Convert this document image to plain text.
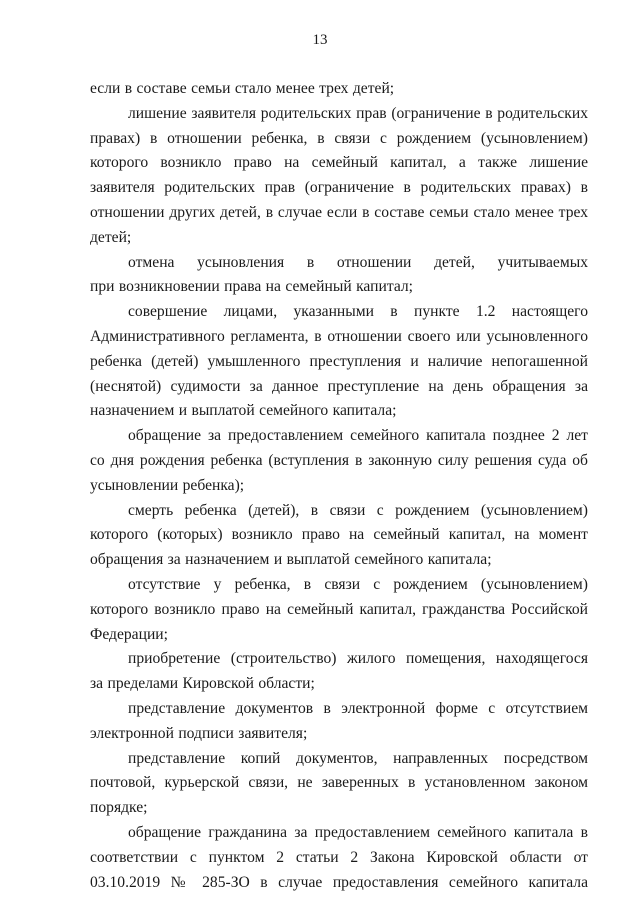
13

если в составе семьи стало менее трех детей;

лишение заявителя родительских прав (ограничение в родительских правах) в отношении ребенка, в связи с рождением (усыновлением) которого возникло право на семейный капитал, а также лишение заявителя родительских прав (ограничение в родительских правах) в отношении других детей, в случае если в составе семьи стало менее трех детей;

отмена усыновления в отношении детей, учитываемых

при возникновении права на семейный капитал;

совершение лицами, указанными в пункте 1.2 настоящего Административного регламента, в отношении своего или усыновленного ребенка (детей) умышленного преступления и наличие непогашенной (неснятой) судимости за данное преступление на день обращения за назначением и выплатой семейного капитала;

обращение за предоставлением семейного капитала позднее 2 лет со дня рождения ребенка (вступления в законную силу решения суда об усыновлении ребенка);

смерть ребенка (детей), в связи с рождением (усыновлением) которого (которых) возникло право на семейный капитал, на момент обращения за назначением и выплатой семейного капитала;

отсутствие у ребенка, в связи с рождением (усыновлением) которого возникло право на семейный капитал, гражданства Российской Федерации;

приобретение (строительство) жилого помещения, находящегося

за пределами Кировской области;

представление документов в электронной форме с отсутствием электронной подписи заявителя;

представление копий документов, направленных посредством почтовой, курьерской связи, не заверенных в установленном законом порядке;

обращение гражданина за предоставлением семейного капитала в соответствии с пунктом 2 статьи 2 Закона Кировской области от 03.10.2019 № 285-ЗО в случае предоставления семейного капитала
